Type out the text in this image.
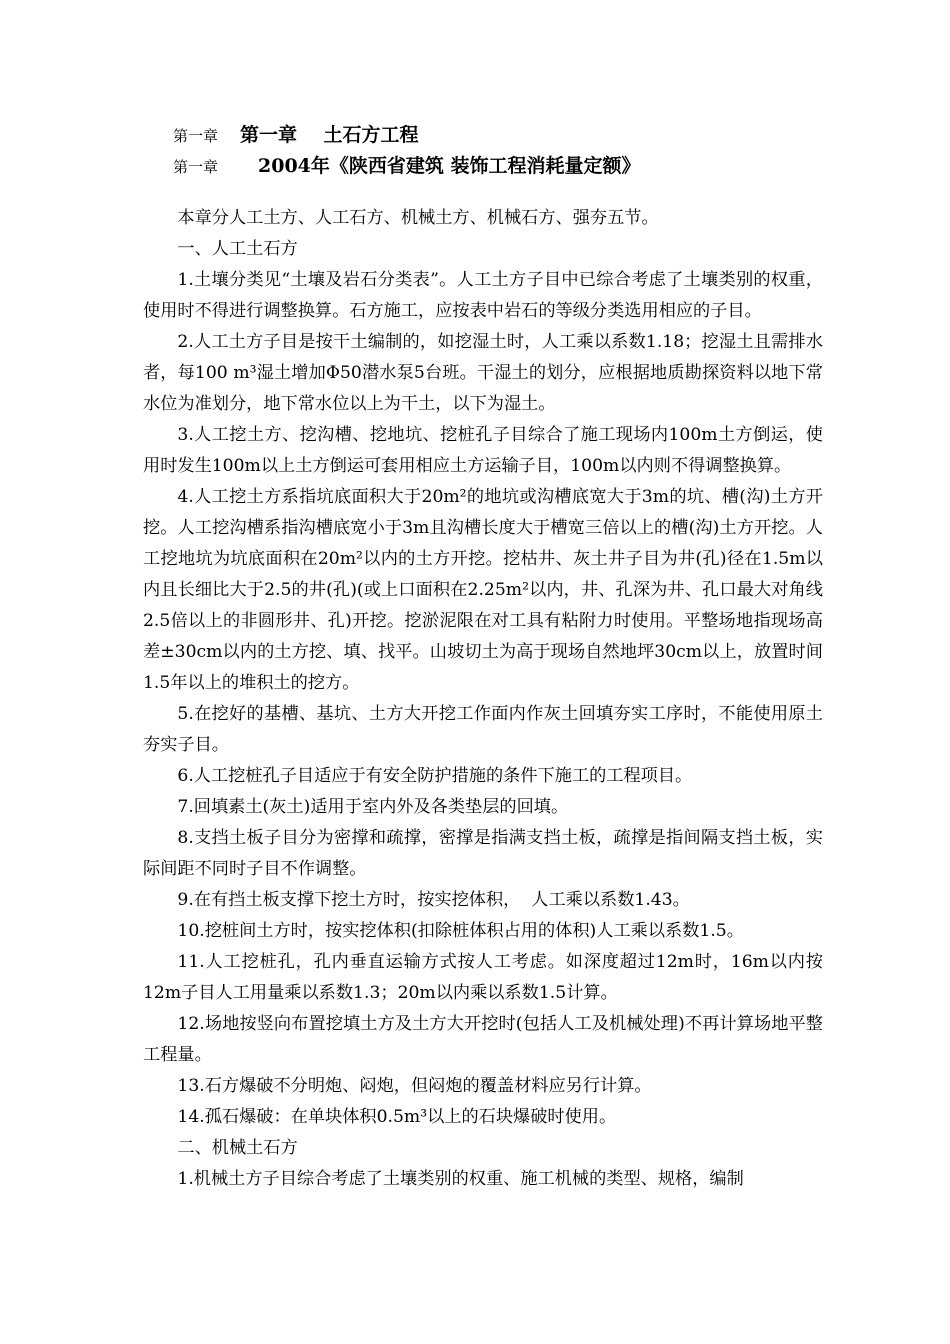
第一章 第一章    土石方工程
第一章 2004年《陕西省建筑 装饰工程消耗量定额》

本章分人工土方、人工石方、机械土方、机械石方、强夯五节。

一、人工土石方

1.土壤分类见“土壤及岩石分类表”。人工土方子目中已综合考虑了土壤类别的权重，使用时不得进行调整换算。石方施工，应按表中岩石的等级分类选用相应的子目。

2.人工土方子目是按干土编制的，如挖湿土时，人工乘以系数1.18；挖湿土且需排水者，每100 m³湿土增加Φ50潜水泵5台班。干湿土的划分，应根据地质勘探资料以地下常水位为准划分，地下常水位以上为干土，以下为湿土。

3.人工挖土方、挖沟槽、挖地坑、挖桩孔子目综合了施工现场内100m土方倒运，使用时发生100m以上土方倒运可套用相应土方运输子目，100m以内则不得调整换算。

4.人工挖土方系指坑底面积大于20m²的地坑或沟槽底宽大于3m的坑、槽(沟)土方开挖。人工挖沟槽系指沟槽底宽小于3m且沟槽长度大于槽宽三倍以上的槽(沟)土方开挖。人工挖地坑为坑底面积在20m²以内的土方开挖。挖枯井、灰土井子目为井(孔)径在1.5m以内且长细比大于2.5的井(孔)(或上口面积在2.25m²以内，井、孔深为井、孔口最大对角线2.5倍以上的非圆形井、孔)开挖。挖淤泥限在对工具有粘附力时使用。平整场地指现场高差±30cm以内的土方挖、填、找平。山坡切土为高于现场自然地坪30cm以上，放置时间1.5年以上的堆积土的挖方。

5.在挖好的基槽、基坑、土方大开挖工作面内作灰土回填夯实工序时，不能使用原土夯实子目。

6.人工挖桩孔子目适应于有安全防护措施的条件下施工的工程项目。

7.回填素土(灰土)适用于室内外及各类垫层的回填。

8.支挡土板子目分为密撑和疏撑，密撑是指满支挡土板，疏撑是指间隔支挡土板，实际间距不同时子目不作调整。

9.在有挡土板支撑下挖土方时，按实挖体积，  人工乘以系数1.43。

10.挖桩间土方时，按实挖体积(扣除桩体积占用的体积)人工乘以系数1.5。

11.人工挖桩孔，孔内垂直运输方式按人工考虑。如深度超过12m时，16m以内按12m子目人工用量乘以系数1.3；20m以内乘以系数1.5计算。

12.场地按竖向布置挖填土方及土方大开挖时(包括人工及机械处理)不再计算场地平整工程量。

13.石方爆破不分明炮、闷炮，但闷炮的覆盖材料应另行计算。

14.孤石爆破：在单块体积0.5m³以上的石块爆破时使用。

二、机械土石方

1.机械土方子目综合考虑了土壤类别的权重、施工机械的类型、规格，编制
